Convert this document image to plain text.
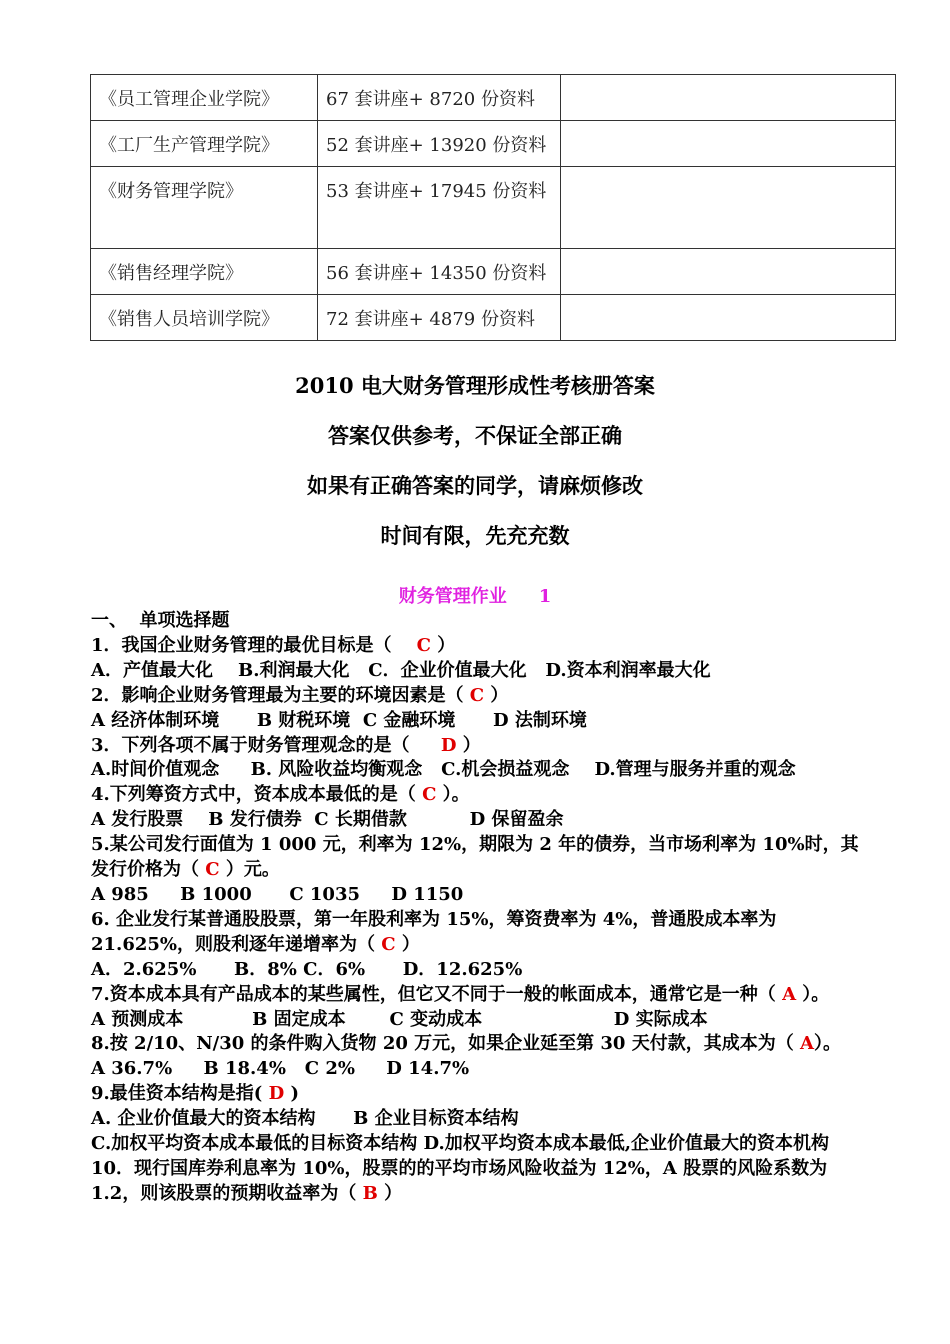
《员工管理企业学院》	67 套讲座+ 8720 份资料	
《工厂生产管理学院》	52 套讲座+ 13920 份资料	
《财务管理学院》	53 套讲座+ 17945 份资料	
《销售经理学院》	56 套讲座+ 14350 份资料	
《销售人员培训学院》	72 套讲座+ 4879 份资料	
2010 电大财务管理形成性考核册答案
答案仅供参考，不保证全部正确
如果有正确答案的同学，请麻烦修改
时间有限，先充充数
财务管理作业 1
一、  单项选择题
1．我国企业财务管理的最优目标是（    C ）
A．产值最大化    B.利润最大化   C．企业价值最大化   D.资本利润率最大化
2．影响企业财务管理最为主要的环境因素是（ C ）
A 经济体制环境      B 财税环境  C 金融环境      D 法制环境
3．下列各项不属于财务管理观念的是（     D ）
A.时间价值观念     B. 风险收益均衡观念   C.机会损益观念    D.管理与服务并重的观念
4.下列筹资方式中，资本成本最低的是（ C ）。
A 发行股票    B 发行债券  C 长期借款          D 保留盈余
5.某公司发行面值为 1 000 元，利率为 12%，期限为 2 年的债券，当市场利率为 10%时，其发行价格为（ C ）元。
A 985     B 1000      C 1035     D 1150
6. 企业发行某普通股股票，第一年股利率为 15%，筹资费率为 4%，普通股成本率为 21.625%，则股利逐年递增率为（ C ）
A．2.625%      B．8% C．6%      D．12.625%
7.资本成本具有产品成本的某些属性，但它又不同于一般的帐面成本，通常它是一种（ A ）。
A 预测成本           B 固定成本       C 变动成本                     D 实际成本
8.按 2/10、N/30 的条件购入货物 20 万元，如果企业延至第 30 天付款，其成本为（ A）。
A 36.7%     B 18.4%   C 2%     D 14.7%
9.最佳资本结构是指( D )
A. 企业价值最大的资本结构      B 企业目标资本结构
C.加权平均资本成本最低的目标资本结构 D.加权平均资本成本最低,企业价值最大的资本机构
10．现行国库券利息率为 10%，股票的的平均市场风险收益为 12%，A 股票的风险系数为 1.2，则该股票的预期收益率为（ B ）
